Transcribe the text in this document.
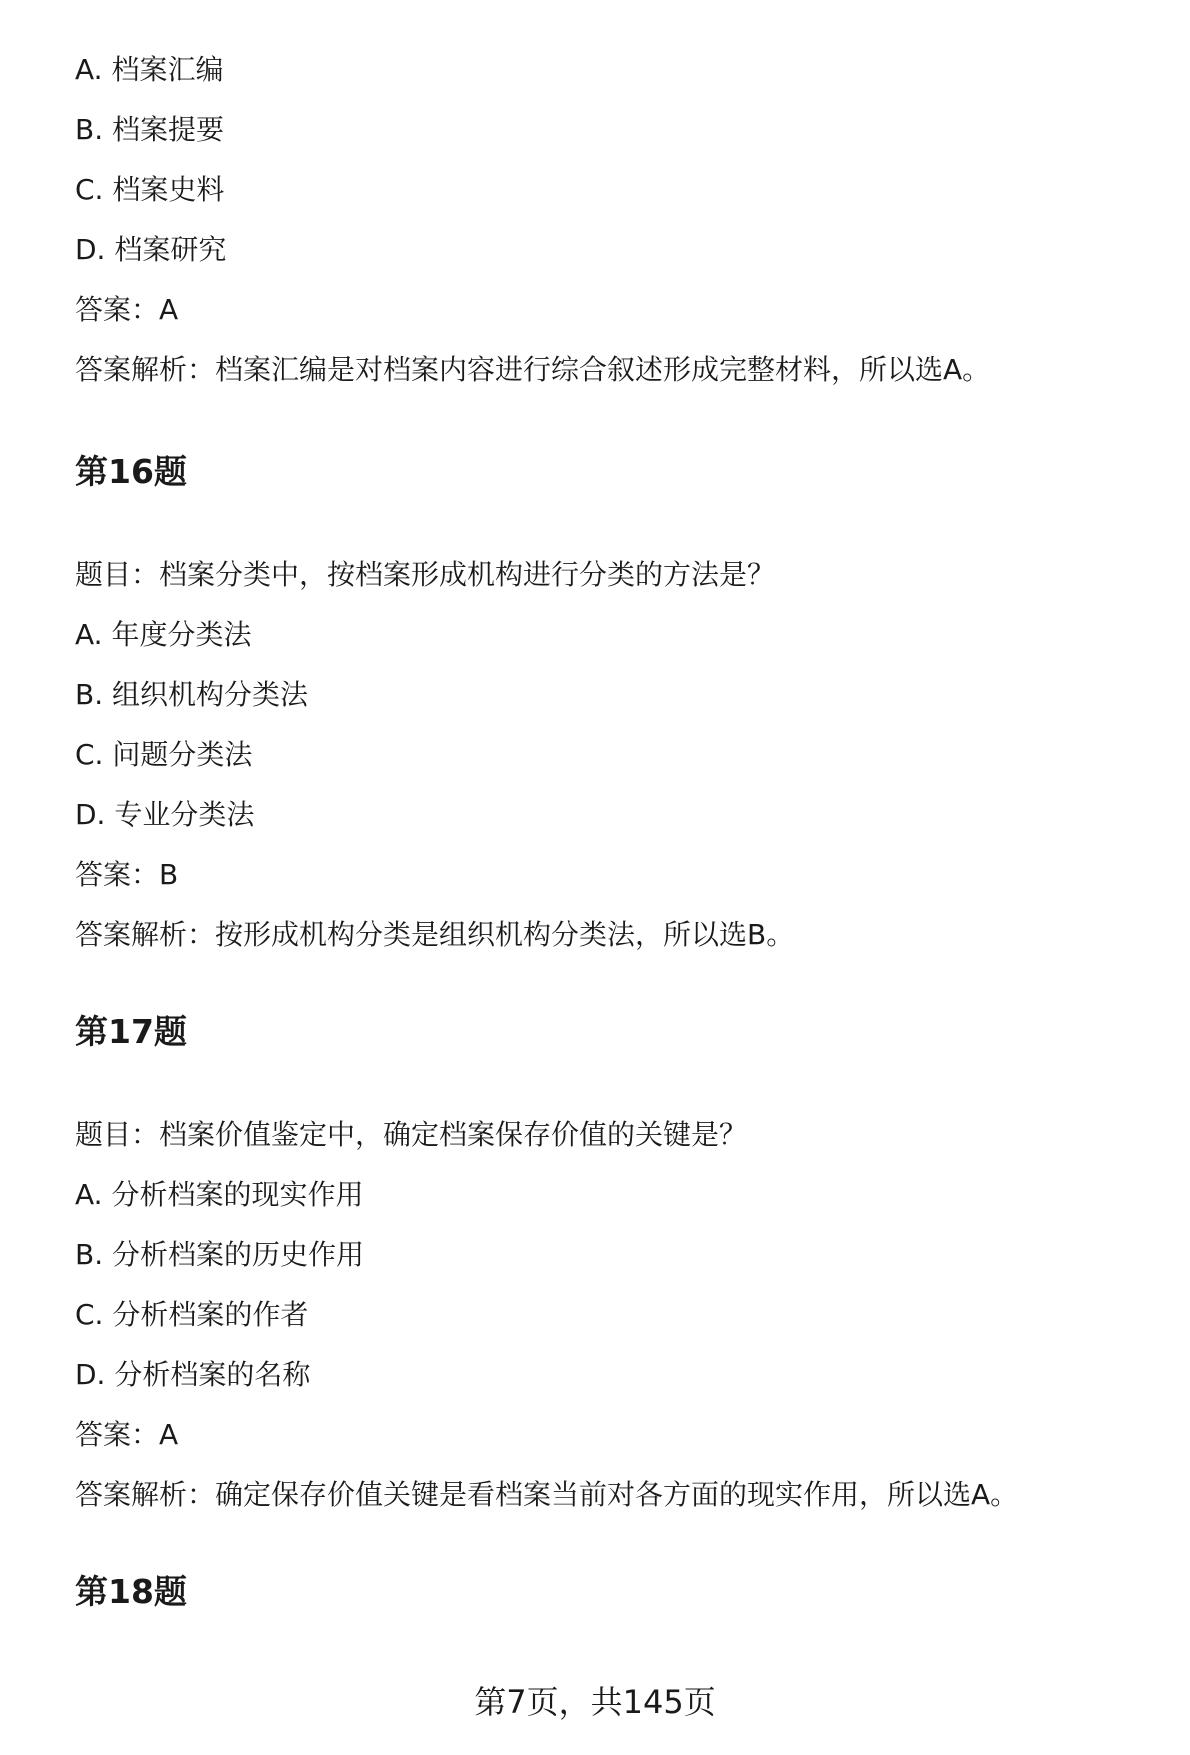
A. 档案汇编
B. 档案提要
C. 档案史料
D. 档案研究
答案：A
答案解析：档案汇编是对档案内容进行综合叙述形成完整材料，所以选A。
第16题
题目：档案分类中，按档案形成机构进行分类的方法是？
A. 年度分类法
B. 组织机构分类法
C. 问题分类法
D. 专业分类法
答案：B
答案解析：按形成机构分类是组织机构分类法，所以选B。
第17题
题目：档案价值鉴定中，确定档案保存价值的关键是？
A. 分析档案的现实作用
B. 分析档案的历史作用
C. 分析档案的作者
D. 分析档案的名称
答案：A
答案解析：确定保存价值关键是看档案当前对各方面的现实作用，所以选A。
第18题
第7页，共145页
